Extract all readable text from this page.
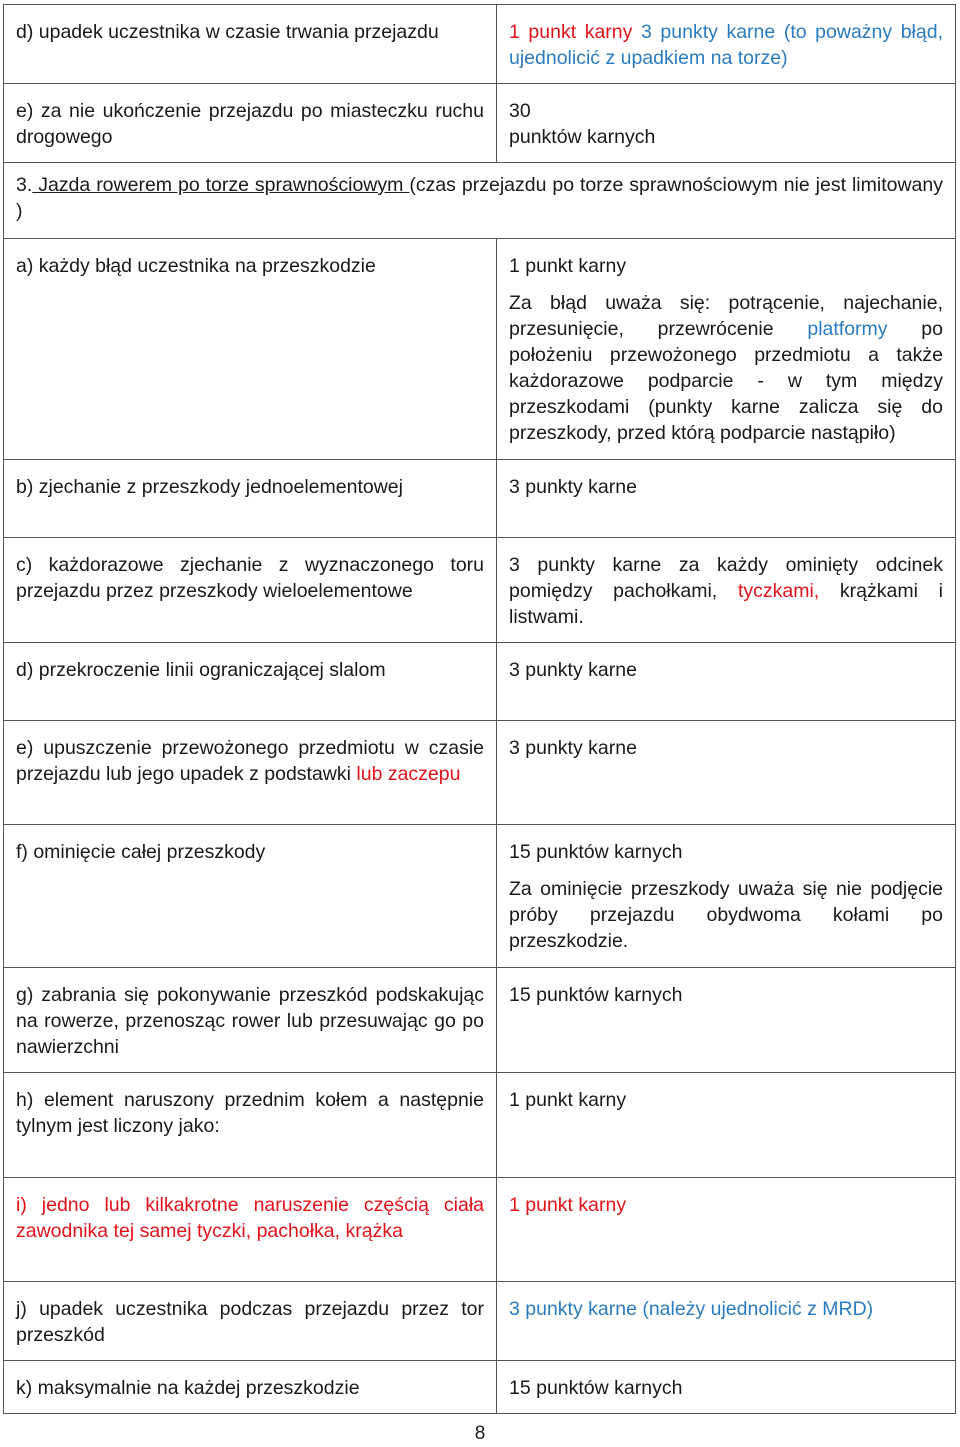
d) upadek uczestnika w czasie trwania przejazdu	1 punkt karny 3 punkty karne (to poważny błąd, ujednolicić z upadkiem na torze)
e) za nie ukończenie przejazdu po miasteczku ruchu drogowego	30
punktów karnych
3. Jazda rowerem po torze sprawnościowym (czas przejazdu po torze sprawnościowym nie jest limitowany )
a) każdy błąd uczestnika na przeszkodzie	1 punkt karny
Za błąd uważa się: potrącenie, najechanie, przesunięcie, przewrócenie platformy po położeniu przewożonego przedmiotu a także każdorazowe podparcie - w tym między przeszkodami (punkty karne zalicza się do przeszkody, przed którą podparcie nastąpiło)

b) zjechanie z przeszkody jednoelementowej	3 punkty karne
c) każdorazowe zjechanie z wyznaczonego toru przejazdu przez przeszkody wieloelementowe	3 punkty karne za każdy ominięty odcinek pomiędzy pachołkami, tyczkami, krążkami i listwami.
d) przekroczenie linii ograniczającej slalom	3 punkty karne
e) upuszczenie przewożonego przedmiotu w czasie przejazdu lub jego upadek z podstawki lub zaczepu	3 punkty karne
f) ominięcie całej przeszkody	15 punktów karnych
Za ominięcie przeszkody uważa się nie podjęcie próby przejazdu obydwoma kołami po przeszkodzie.

g) zabrania się pokonywanie przeszkód podskakując na rowerze, przenosząc rower lub przesuwając go po nawierzchni	15 punktów karnych
h) element naruszony przednim kołem a następnie tylnym jest liczony jako:	1 punkt karny
i) jedno lub kilkakrotne naruszenie częścią ciała zawodnika tej samej tyczki, pachołka, krążka	1 punkt karny
j) upadek uczestnika podczas przejazdu przez tor przeszkód	3 punkty karne (należy ujednolicić z MRD)
k) maksymalnie na każdej przeszkodzie	15 punktów karnych
8
